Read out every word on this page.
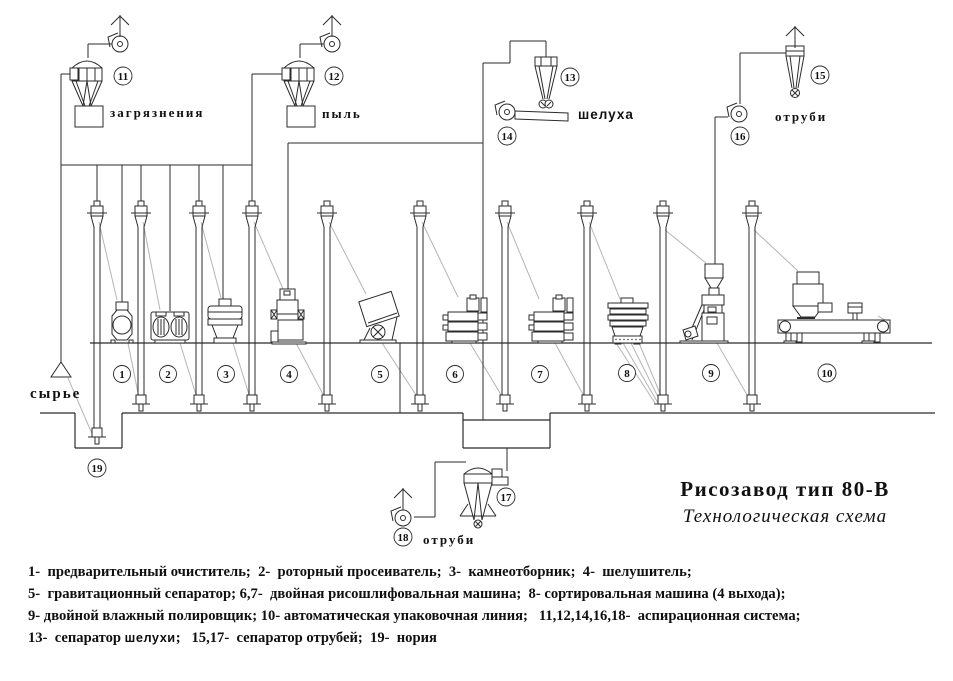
1	2	3	4	5	6	7	8	9	10
11	12	13
14
15
16
17
18
19
загрязнения	пыль	шелуха	отруби
сырье
отруби
Рисозавод тип 80-В
Технологическая схема
1-  предварительный очиститель;  2-  роторный просеиватель;  3-  камнеотборник;  4-  шелушитель;
5-  гравитационный сепаратор; 6,7-  двойная рисошлифовальная машина;  8- сортировальная машина (4 выхода);
9- двойной влажный полировщик; 10- автоматическая упаковочная линия;   11,12,14,16,18-  аспирационная система;
13-  сепаратор шелухи;   15,17-  сепаратор отрубей;  19-  нория
